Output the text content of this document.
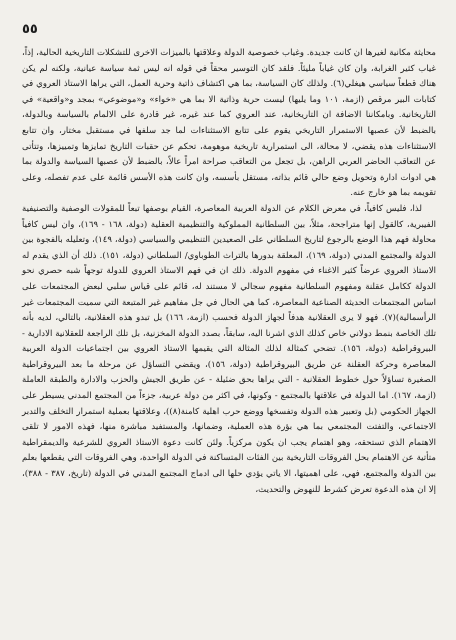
٥٥

محايثة مكانية لغيرها ان كانت جديدة. وغياب خصوصية الدولة وعلاقتها بالميزات الاخرى للتشكلات التاريخية الحالية، إذاً، غياب كثير الغرابة، وان كان غياباً مليئاً. فلقد كان التوسير محقاً في قوله انه ليس ثمة سياسة عيانية، ولكنه لم يكن هناك قطعاً سياسي هيغلي(٦). ولذلك كان السياسة، بما هي اكتشاف ذاتية وحرية العمل، التي يراها الاستاذ العروي في كتابات البير مرقص (ازمة، ١٠١ وما يليها) ليست حرية وذاتية الا بما هي «خواء» و«موضوعي» بمجد و«واقعية» في التاريخانية. وبامكاننا الاضافة ان التاريخانية، عند العروي كما عند غيره، غير قادرة على الالمام بالسياسة وبالدولة، بالضبط لأن عصبها الاستمرار التاريخي يقوم على تتابع الاستثناءات لما جد سلفها في مستقبل مختار، وان تتابع الاستثناءات هذه يقضي، لا محالة، الى استمرارية تاريخية موهومة، تحكم عن حقبات التاريخ تمايزها وتمييزها، وتتأتى عن التعاقب الحاضر العربي الراهن، بل تجعل من التعاقب صراحة امراً عالاً، بالضبط لأن عصبها السياسة والدولة بما هي ادوات ادارة وتحويل وضع حالي قائم بذاته، مستقل بأسسه، وان كانت هذه الأسس قائمة على عدم تفصله، وعلى تقويمه بما هو خارج عنه.

لذا، فليس كافياً، في معرض الكلام عن الدولة العربية المعاصرة، القيام بوصفها تبعاً للمقولات الوصفية والتصنيفية الفيبرية، كالقول إنها متراجحة، مثلاً، بين السلطانية المملوكية والتنظيمية العقلية (دولة، ١٦٨ - ١٦٩)، وان ليس كافياً محاولة فهم هذا الوضع بالرجوع لتاريخ السلطاني على الصعيدين التنظيمي والسياسي (دولة، ١٤٩)، وتعليله بالفجوة بين الدولة والمجتمع المدني (دولة، ١٦٩)، المعلقة بدورها بالتراث الطوباوي/ السلطاني (دولة، ١٥١). ذلك أن الذي يقدم له الاستاذ العروي عرضاً كثير الاغناء في مفهوم الدولة. ذلك ان في فهم الاستاذ العروي للدولة توجهاً شبه حصري نحو الدولة ككامل عقلنة ومفهوم السلطانية مفهوم سجالي لا مستند له، قائم على قياس سلبي لبعض المجتمعات على اساس المجتمعات الحديثة الصناعية المعاصرة، كما هي الحال في جل مفاهيم غير المتبعة التي سميت المجتمعات غير الرأسمالية)(٧). فهو لا يرى العقلانية هدفاً لجهاز الدولة فحسب (ازمة، ١٦٦) بل تبدو هذه العقلانية، بالتالي، لديه بأنه تلك الخاصة بنمط دولاني خاص كذلك الذي اشرنا اليه، سابقاً، بصدد الدولة المخزنية، بل تلك الراجعة للعقلانية الادارية - البيروقراطية (دولة، ١٥٦). تضحي كمثالة لذلك المثالة التي يقيمها الاستاذ العروي بين اجتماعيات الدولة العربية المعاصرة وحركة العقلنة عن طريق البيروقراطية (دولة، ١٥٦)، ويقضي التساؤل عن مرحلة ما بعد البيروقراطية الصغيرة تساؤلاً حول خطوط العقلانية - التي يراها بحق ضئيلة - عن طريق الجيش والحزب والادارة والطبقة العاملة (ازمة، ١٦٧). اما الدولة في علاقتها بالمجتمع - وكونها، في اكثر من دولة عربية، جزءاً من المجتمع المدني يسيطر على الجهاز الحكومي (بل وتعبير هذه الدولة وتفسخها ووضع حرب اهلية كامنة(٨))، وعلاقتها بعملية استمرار التخلف والتدبر الاجتماعي، والتفتت المجتمعي بما هي بؤرة هذه العملية، وضمانها، والمستفيد مباشرة منها، فهذه الامور لا تلقى الاهتمام الذي تستحقه، وهو اهتمام يجب ان يكون مركزياً. ولئن كانت دعوة الاستاذ العروي للشرعية والديمقراطية متأتية عن الاهتمام بحل الفروقات التاريخية بين الفئات المتساكنة في الدولة الواحدة، وهي الفروقات التي يقطعها بعلم بين الدولة والمجتمع، فهي، على اهميتها، الا ياتي يؤدي حلها الى ادماج المجتمع المدني في الدولة (تاريخ، ٣٨٧ - ٣٨٨)، إلا ان هذه الدعوة تعرض كشرط للنهوض والتحديث،
